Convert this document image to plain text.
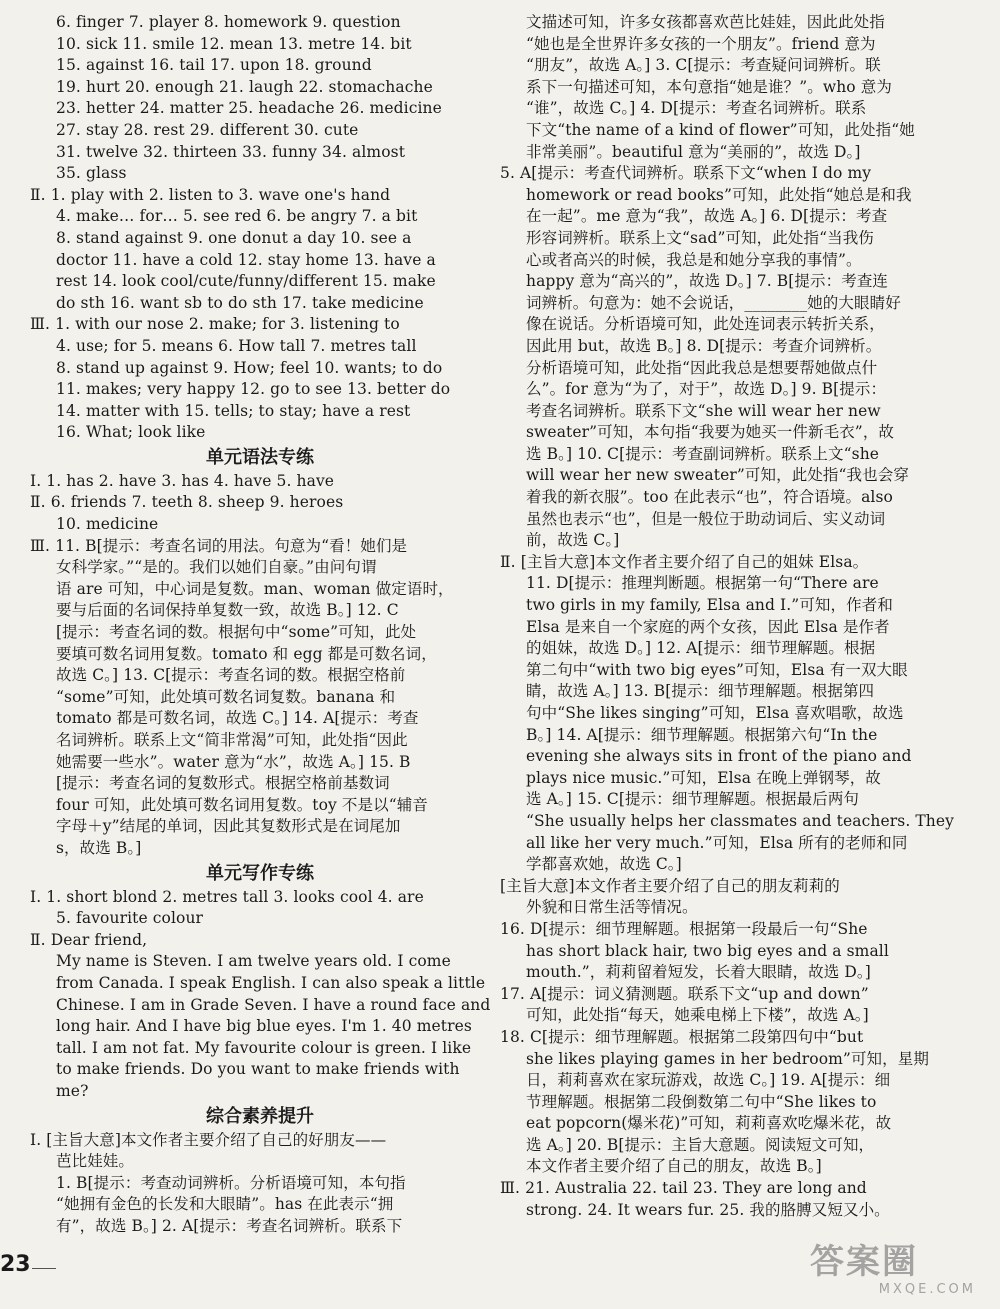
6. finger 7. player 8. homework 9. question
10. sick 11. smile 12. mean 13. metre 14. bit
15. against 16. tail 17. upon 18. ground
19. hurt 20. enough 21. laugh 22. stomachache
23. hetter 24. matter 25. headache 26. medicine
27. stay 28. rest 29. different 30. cute
31. twelve 32. thirteen 33. funny 34. almost
35. glass
Ⅱ. 1. play with 2. listen to 3. wave one's hand
4. make… for… 5. see red 6. be angry 7. a bit
8. stand against 9. one donut a day 10. see a
doctor 11. have a cold 12. stay home 13. have a
rest 14. look cool/cute/funny/different 15. make
do sth 16. want sb to do sth 17. take medicine
Ⅲ. 1. with our nose 2. make; for 3. listening to
4. use; for 5. means 6. How tall 7. metres tall
8. stand up against 9. How; feel 10. wants; to do
11. makes; very happy 12. go to see 13. better do
14. matter with 15. tells; to stay; have a rest
16. What; look like
单元语法专练
Ⅰ. 1. has 2. have 3. has 4. have 5. have
Ⅱ. 6. friends 7. teeth 8. sheep 9. heroes
10. medicine
Ⅲ. 11. B[提示：考查名词的用法。句意为“看！她们是
女科学家。”“是的。我们以她们自豪。”由问句谓
语 are 可知，中心词是复数。man、woman 做定语时，
要与后面的名词保持单复数一致，故选 B。] 12. C
[提示：考查名词的数。根据句中“some”可知，此处
要填可数名词用复数。tomato 和 egg 都是可数名词，
故选 C。] 13. C[提示：考查名词的数。根据空格前
“some”可知，此处填可数名词复数。banana 和
tomato 都是可数名词，故选 C。] 14. A[提示：考查
名词辨析。联系上文“简非常渴”可知，此处指“因此
她需要一些水”。water 意为“水”，故选 A。] 15. B
[提示：考查名词的复数形式。根据空格前基数词
four 可知，此处填可数名词用复数。toy 不是以“辅音
字母＋y”结尾的单词，因此其复数形式是在词尾加
s，故选 B。]
单元写作专练
Ⅰ. 1. short blond 2. metres tall 3. looks cool 4. are
5. favourite colour
Ⅱ. Dear friend,
My name is Steven. I am twelve years old. I come
from Canada. I speak English. I can also speak a little
Chinese. I am in Grade Seven. I have a round face and
long hair. And I have big blue eyes. I'm 1. 40 metres
tall. I am not fat. My favourite colour is green. I like
to make friends. Do you want to make friends with
me?
综合素养提升
Ⅰ. [主旨大意]本文作者主要介绍了自己的好朋友——
芭比娃娃。
1. B[提示：考查动词辨析。分析语境可知，本句指
“她拥有金色的长发和大眼睛”。has 在此表示“拥
有”，故选 B。] 2. A[提示：考查名词辨析。联系下
文描述可知，许多女孩都喜欢芭比娃娃，因此此处指
“她也是全世界许多女孩的一个朋友”。friend 意为
“朋友”，故选 A。] 3. C[提示：考查疑问词辨析。联
系下一句描述可知，本句意指“她是谁？”。who 意为
“谁”，故选 C。] 4. D[提示：考查名词辨析。联系
下文“the name of a kind of flower”可知，此处指“她
非常美丽”。beautiful 意为“美丽的”，故选 D。]
5. A[提示：考查代词辨析。联系下文“when I do my
homework or read books”可知，此处指“她总是和我
在一起”。me 意为“我”，故选 A。] 6. D[提示：考查
形容词辨析。联系上文“sad”可知，此处指“当我伤
心或者高兴的时候，我总是和她分享我的事情”。
happy 意为“高兴的”，故选 D。] 7. B[提示：考查连
词辨析。句意为：她不会说话，________她的大眼睛好
像在说话。分析语境可知，此处连词表示转折关系，
因此用 but，故选 B。] 8. D[提示：考查介词辨析。
分析语境可知，此处指“因此我总是想要帮她做点什
么”。for 意为“为了，对于”，故选 D。] 9. B[提示：
考查名词辨析。联系下文“she will wear her new
sweater”可知，本句指“我要为她买一件新毛衣”，故
选 B。] 10. C[提示：考查副词辨析。联系上文“she
will wear her new sweater”可知，此处指“我也会穿
着我的新衣服”。too 在此表示“也”，符合语境。also
虽然也表示“也”，但是一般位于助动词后、实义动词
前，故选 C。]
Ⅱ. [主旨大意]本文作者主要介绍了自己的姐妹 Elsa。
11. D[提示：推理判断题。根据第一句“There are
two girls in my family, Elsa and I.”可知，作者和
Elsa 是来自一个家庭的两个女孩，因此 Elsa 是作者
的姐妹，故选 D。] 12. A[提示：细节理解题。根据
第二句中“with two big eyes”可知，Elsa 有一双大眼
睛，故选 A。] 13. B[提示：细节理解题。根据第四
句中“She likes singing”可知，Elsa 喜欢唱歌，故选
B。] 14. A[提示：细节理解题。根据第六句“In the
evening she always sits in front of the piano and
plays nice music.”可知，Elsa 在晚上弹钢琴，故
选 A。] 15. C[提示：细节理解题。根据最后两句
“She usually helps her classmates and teachers. They
all like her very much.”可知，Elsa 所有的老师和同
学都喜欢她，故选 C。]
[主旨大意]本文作者主要介绍了自己的朋友莉莉的
外貌和日常生活等情况。
16. D[提示：细节理解题。根据第一段最后一句“She
has short black hair, two big eyes and a small
mouth.”，莉莉留着短发，长着大眼睛，故选 D。]
17. A[提示：词义猜测题。联系下文“up and down”
可知，此处指“每天，她乘电梯上下楼”，故选 A。]
18. C[提示：细节理解题。根据第二段第四句中“but
she likes playing games in her bedroom”可知，星期
日，莉莉喜欢在家玩游戏，故选 C。] 19. A[提示：细
节理解题。根据第二段倒数第二句中“She likes to
eat popcorn(爆米花)”可知，莉莉喜欢吃爆米花，故
选 A。] 20. B[提示：主旨大意题。阅读短文可知，
本文作者主要介绍了自己的朋友，故选 B。]
Ⅲ. 21. Australia 22. tail 23. They are long and
strong. 24. It wears fur. 25. 我的胳膊又短又小。
23	答案圈
MXQE.COM
